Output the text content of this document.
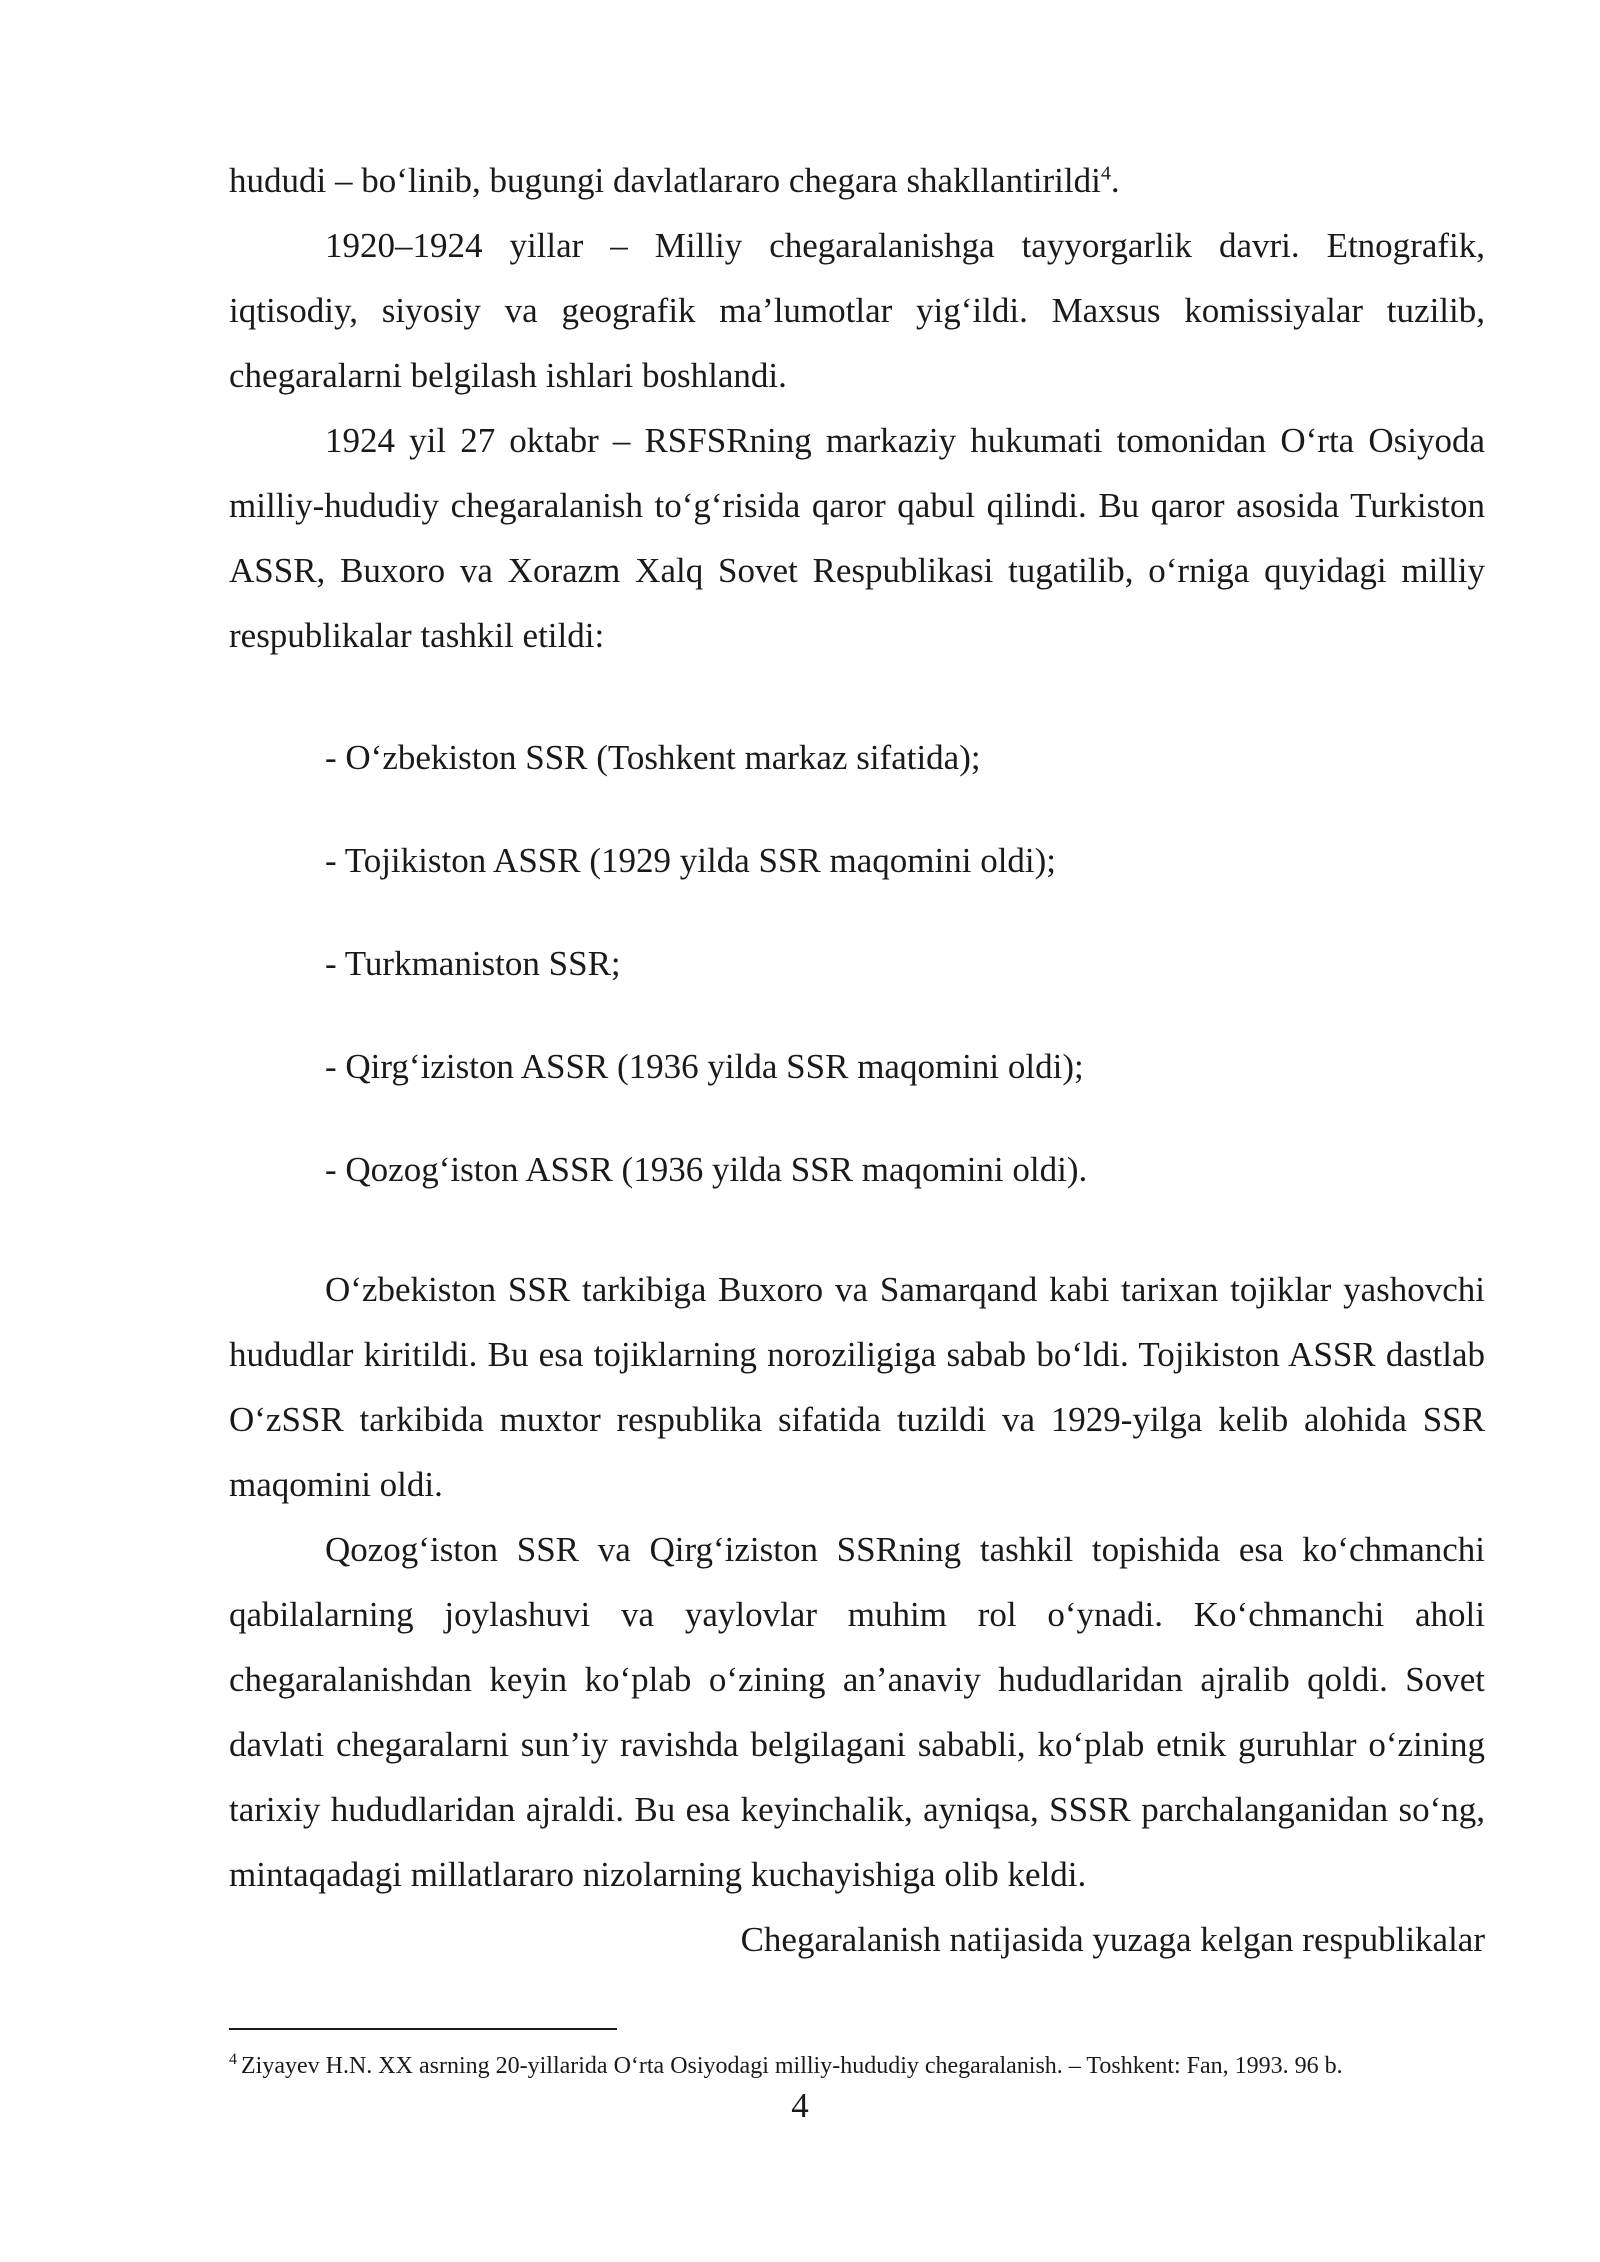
hududi – bo‘linib, bugungi davlatlararo chegara shakllantirildi$^4$.

1920–1924 yillar – Milliy chegaralanishga tayyorgarlik davri. Etnografik, iqtisodiy, siyosiy va geografik ma’lumotlar yig‘ildi. Maxsus komissiyalar tuzilib, chegaralarni belgilash ishlari boshlandi.

1924 yil 27 oktabr – RSFSRning markaziy hukumati tomonidan O‘rta Osiyoda milliy-hududiy chegaralanish to‘g‘risida qaror qabul qilindi. Bu qaror asosida Turkiston ASSR, Buxoro va Xorazm Xalq Sovet Respublikasi tugatilib, o‘rniga quyidagi milliy respublikalar tashkil etildi:

- O‘zbekiston SSR (Toshkent markaz sifatida);
- Tojikiston ASSR (1929 yilda SSR maqomini oldi);
- Turkmaniston SSR;
- Qirg‘iziston ASSR (1936 yilda SSR maqomini oldi);
- Qozog‘iston ASSR (1936 yilda SSR maqomini oldi).

O‘zbekiston SSR tarkibiga Buxoro va Samarqand kabi tarixan tojiklar yashovchi hududlar kiritildi. Bu esa tojiklarning noroziligiga sabab bo‘ldi. Tojikiston ASSR dastlab O‘zSSR tarkibida muxtor respublika sifatida tuzildi va 1929-yilga kelib alohida SSR maqomini oldi.

Qozog‘iston SSR va Qirg‘iziston SSRning tashkil topishida esa ko‘chmanchi qabilalarning joylashuvi va yaylovlar muhim rol o‘ynadi. Ko‘chmanchi aholi chegaralanishdan keyin ko‘plab o‘zining an’anaviy hududlaridan ajralib qoldi. Sovet davlati chegaralarni sun’iy ravishda belgilagani sababli, ko‘plab etnik guruhlar o‘zining tarixiy hududlaridan ajraldi. Bu esa keyinchalik, ayniqsa, SSSR parchalanganidan so‘ng, mintaqadagi millatlararo nizolarning kuchayishiga olib keldi.

Chegaralanish natijasida yuzaga kelgan respublikalar

$^4$ Ziyayev H.N. XX asrning 20-yillarida O‘rta Osiyodagi milliy-hududiy chegaralanish. – Toshkent: Fan, 1993. 96 b.
4
